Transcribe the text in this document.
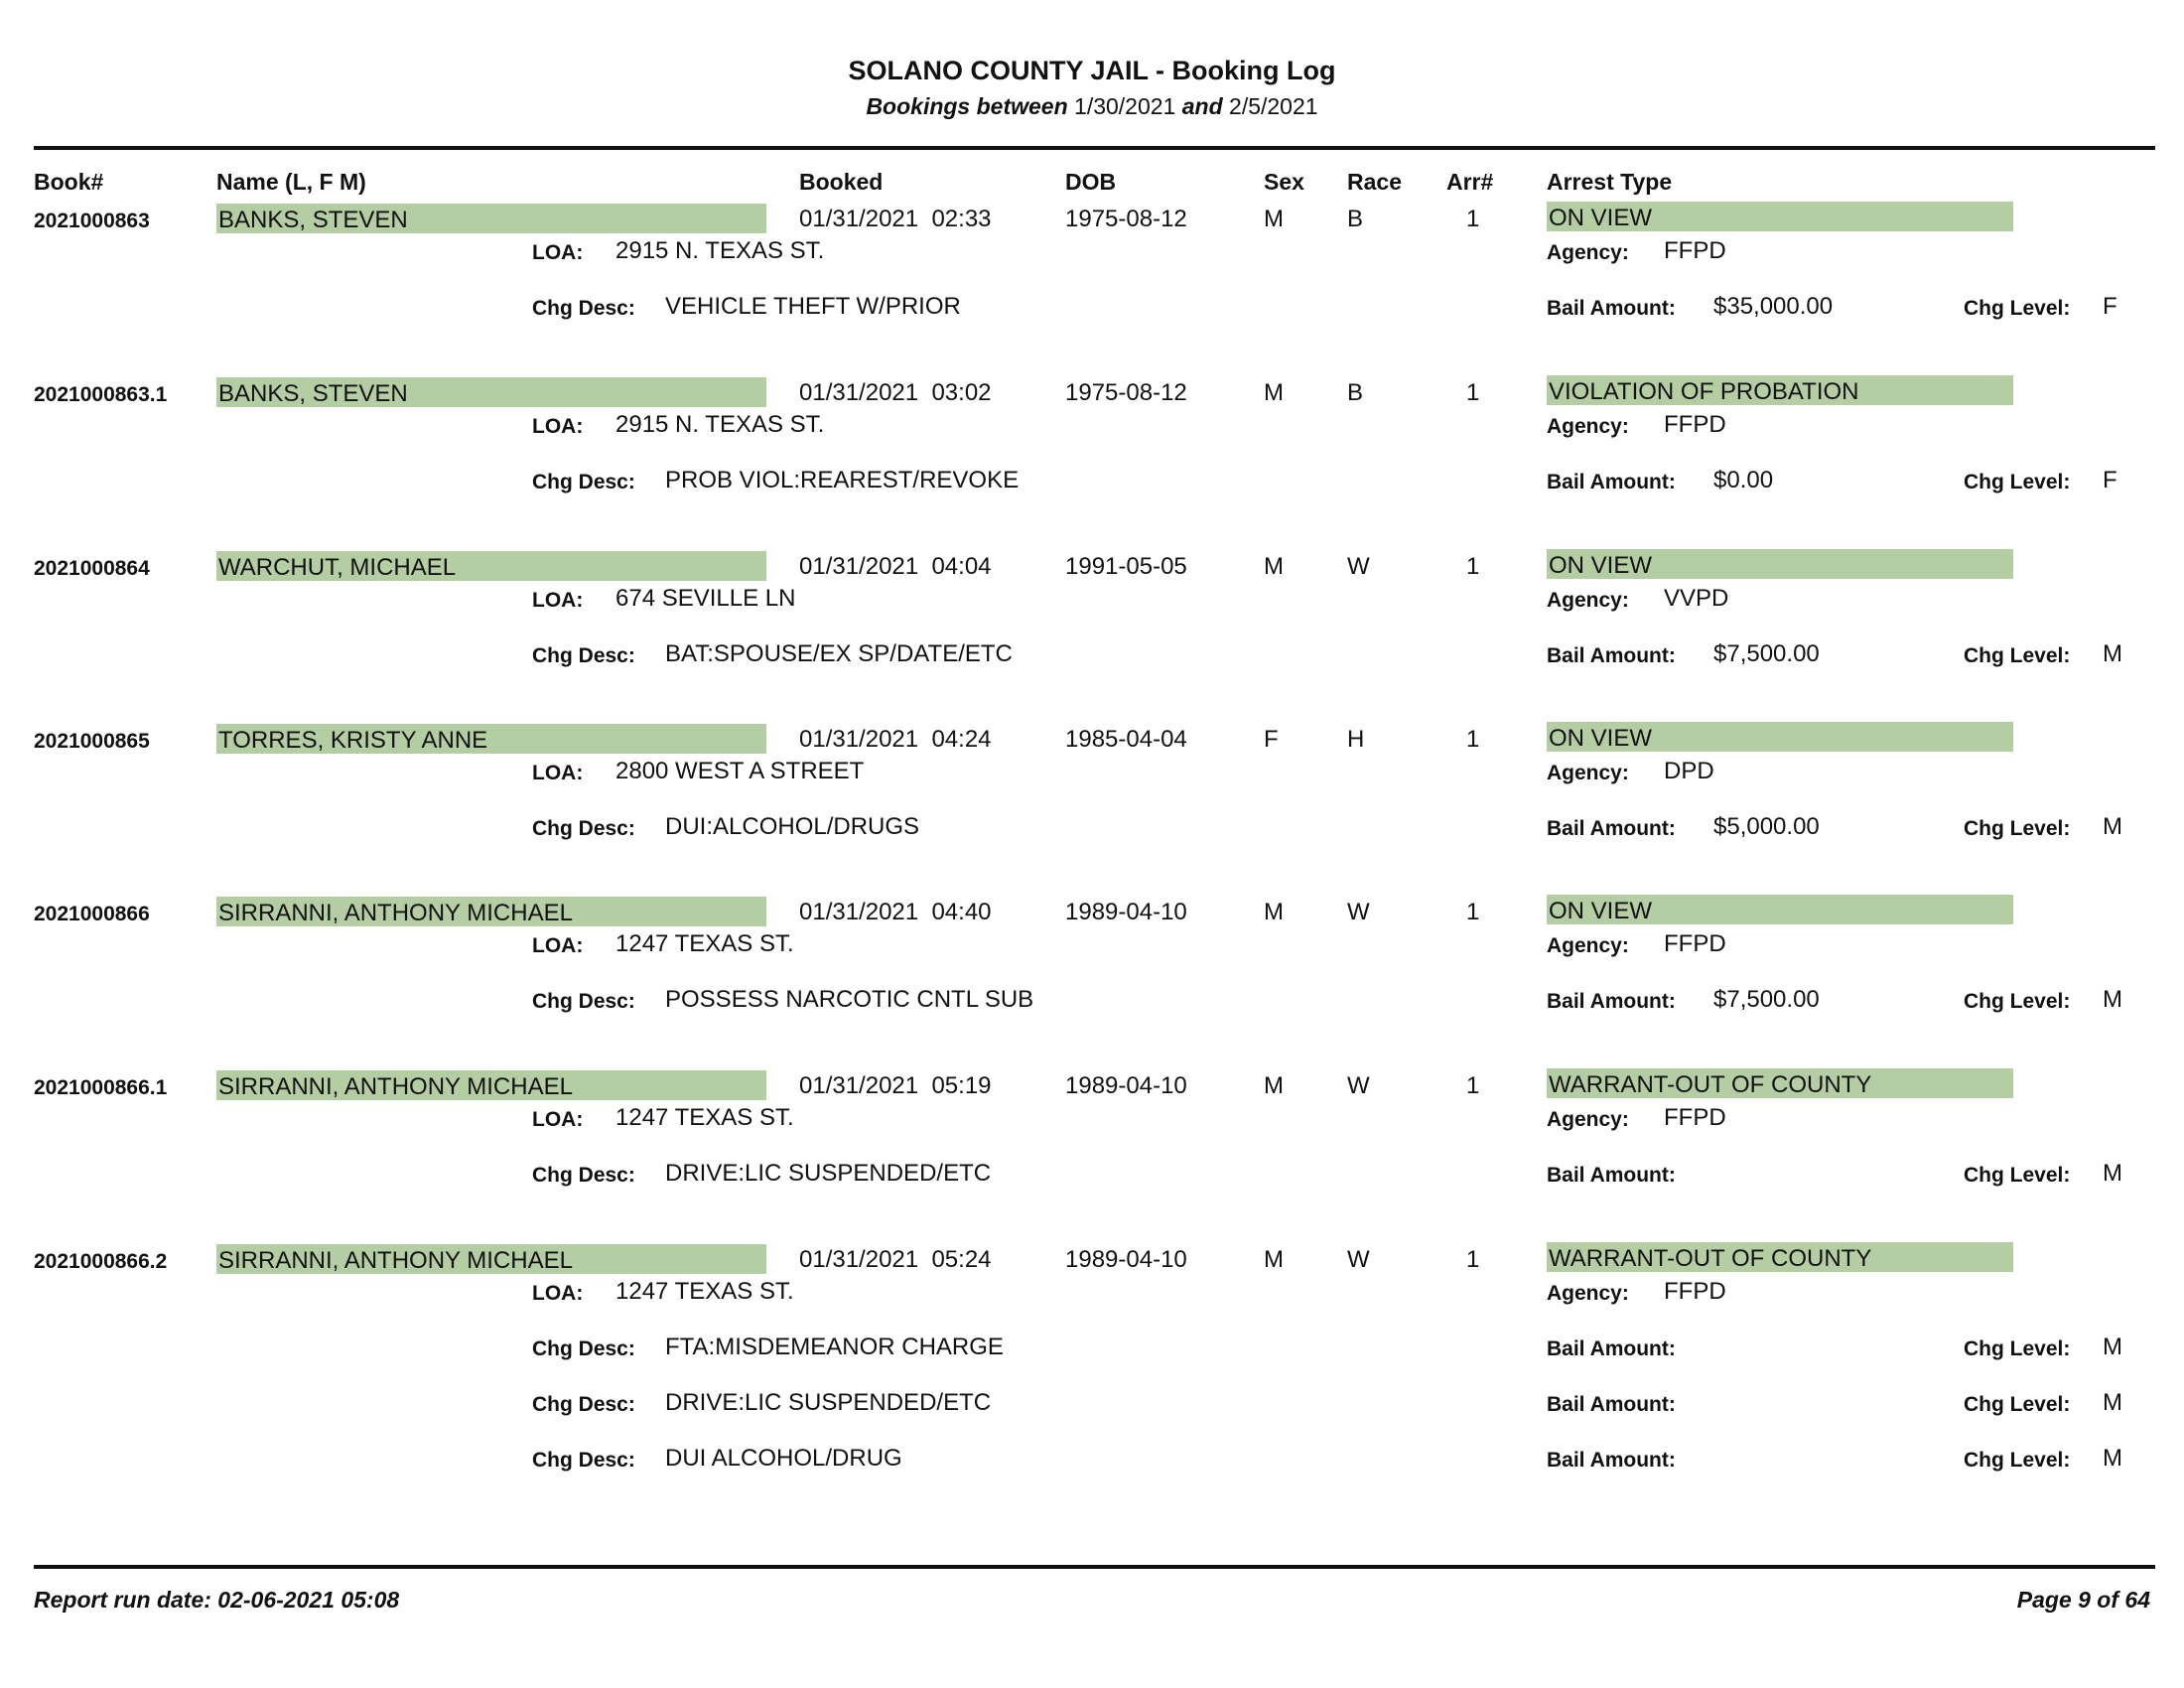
SOLANO COUNTY JAIL - Booking Log
Bookings between 1/30/2021 and 2/5/2021
Book#	Name (L, F M)	Booked	DOB	Sex Race Arr# Arrest Type
2021000863	BANKS, STEVEN	01/31/2021  02:33	1975-08-12	M	B	1	ON VIEW
LOA: 2915 N. TEXAS ST.	Agency: FFPD
Chg Desc: VEHICLE THEFT W/PRIOR	Bail Amount: $35,000.00	Chg Level: F
2021000863.1 BANKS, STEVEN	01/31/2021  03:02	1975-08-12	M	B	1	VIOLATION OF PROBATION
LOA: 2915 N. TEXAS ST.	Agency: FFPD
Chg Desc: PROB VIOL:REAREST/REVOKE	Bail Amount: $0.00	Chg Level: F
2021000864	WARCHUT, MICHAEL	01/31/2021  04:04	1991-05-05	M	W	1	ON VIEW
LOA: 674 SEVILLE LN	Agency: VVPD
Chg Desc: BAT:SPOUSE/EX SP/DATE/ETC	Bail Amount: $7,500.00	Chg Level: M
2021000865	TORRES, KRISTY ANNE	01/31/2021  04:24	1985-04-04	F	H	1	ON VIEW
LOA: 2800 WEST A STREET	Agency: DPD
Chg Desc: DUI:ALCOHOL/DRUGS	Bail Amount: $5,000.00	Chg Level: M
2021000866	SIRRANNI, ANTHONY MICHAEL	01/31/2021  04:40	1989-04-10	M	W	1	ON VIEW
LOA: 1247 TEXAS ST.	Agency: FFPD
Chg Desc: POSSESS NARCOTIC CNTL SUB	Bail Amount: $7,500.00	Chg Level: M
2021000866.1 SIRRANNI, ANTHONY MICHAEL	01/31/2021  05:19	1989-04-10	M	W	1	WARRANT-OUT OF COUNTY
LOA: 1247 TEXAS ST.	Agency: FFPD
Chg Desc: DRIVE:LIC SUSPENDED/ETC	Bail Amount:	Chg Level: M
2021000866.2 SIRRANNI, ANTHONY MICHAEL	01/31/2021  05:24	1989-04-10	M	W	1	WARRANT-OUT OF COUNTY
LOA: 1247 TEXAS ST.	Agency: FFPD
Chg Desc: FTA:MISDEMEANOR CHARGE	Bail Amount:	Chg Level: M
Chg Desc: DRIVE:LIC SUSPENDED/ETC	Bail Amount:	Chg Level: M
Chg Desc: DUI ALCOHOL/DRUG	Bail Amount:	Chg Level: M
Report run date: 02-06-2021 05:08	Page 9 of 64
